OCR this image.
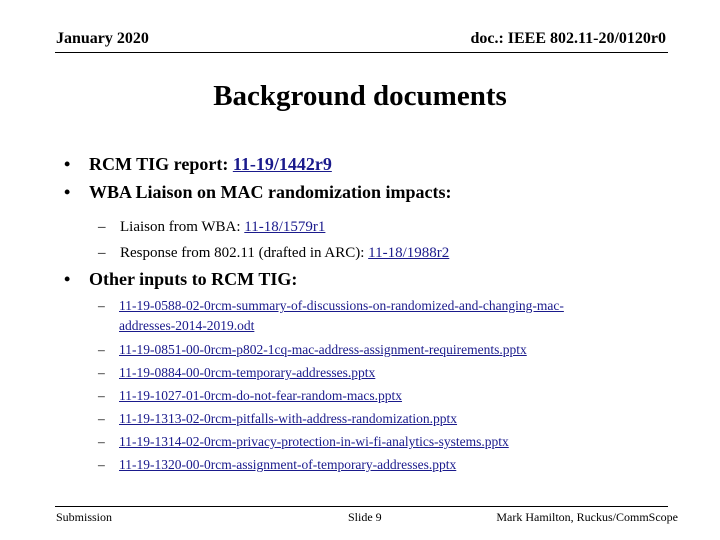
January 2020	doc.: IEEE 802.11-20/0120r0
Background documents
• RCM TIG report: 11-19/1442r9
• WBA Liaison on MAC randomization impacts:
– Liaison from WBA: 11-18/1579r1
– Response from 802.11 (drafted in ARC): 11-18/1988r2
• Other inputs to RCM TIG:
– 11-19-0588-02-0rcm-summary-of-discussions-on-randomized-and-changing-mac-
addresses-2014-2019.odt
– 11-19-0851-00-0rcm-p802-1cq-mac-address-assignment-requirements.pptx
– 11-19-0884-00-0rcm-temporary-addresses.pptx
– 11-19-1027-01-0rcm-do-not-fear-random-macs.pptx
– 11-19-1313-02-0rcm-pitfalls-with-address-randomization.pptx
– 11-19-1314-02-0rcm-privacy-protection-in-wi-fi-analytics-systems.pptx
– 11-19-1320-00-0rcm-assignment-of-temporary-addresses.pptx
Submission	Slide 9	Mark Hamilton, Ruckus/CommScope
